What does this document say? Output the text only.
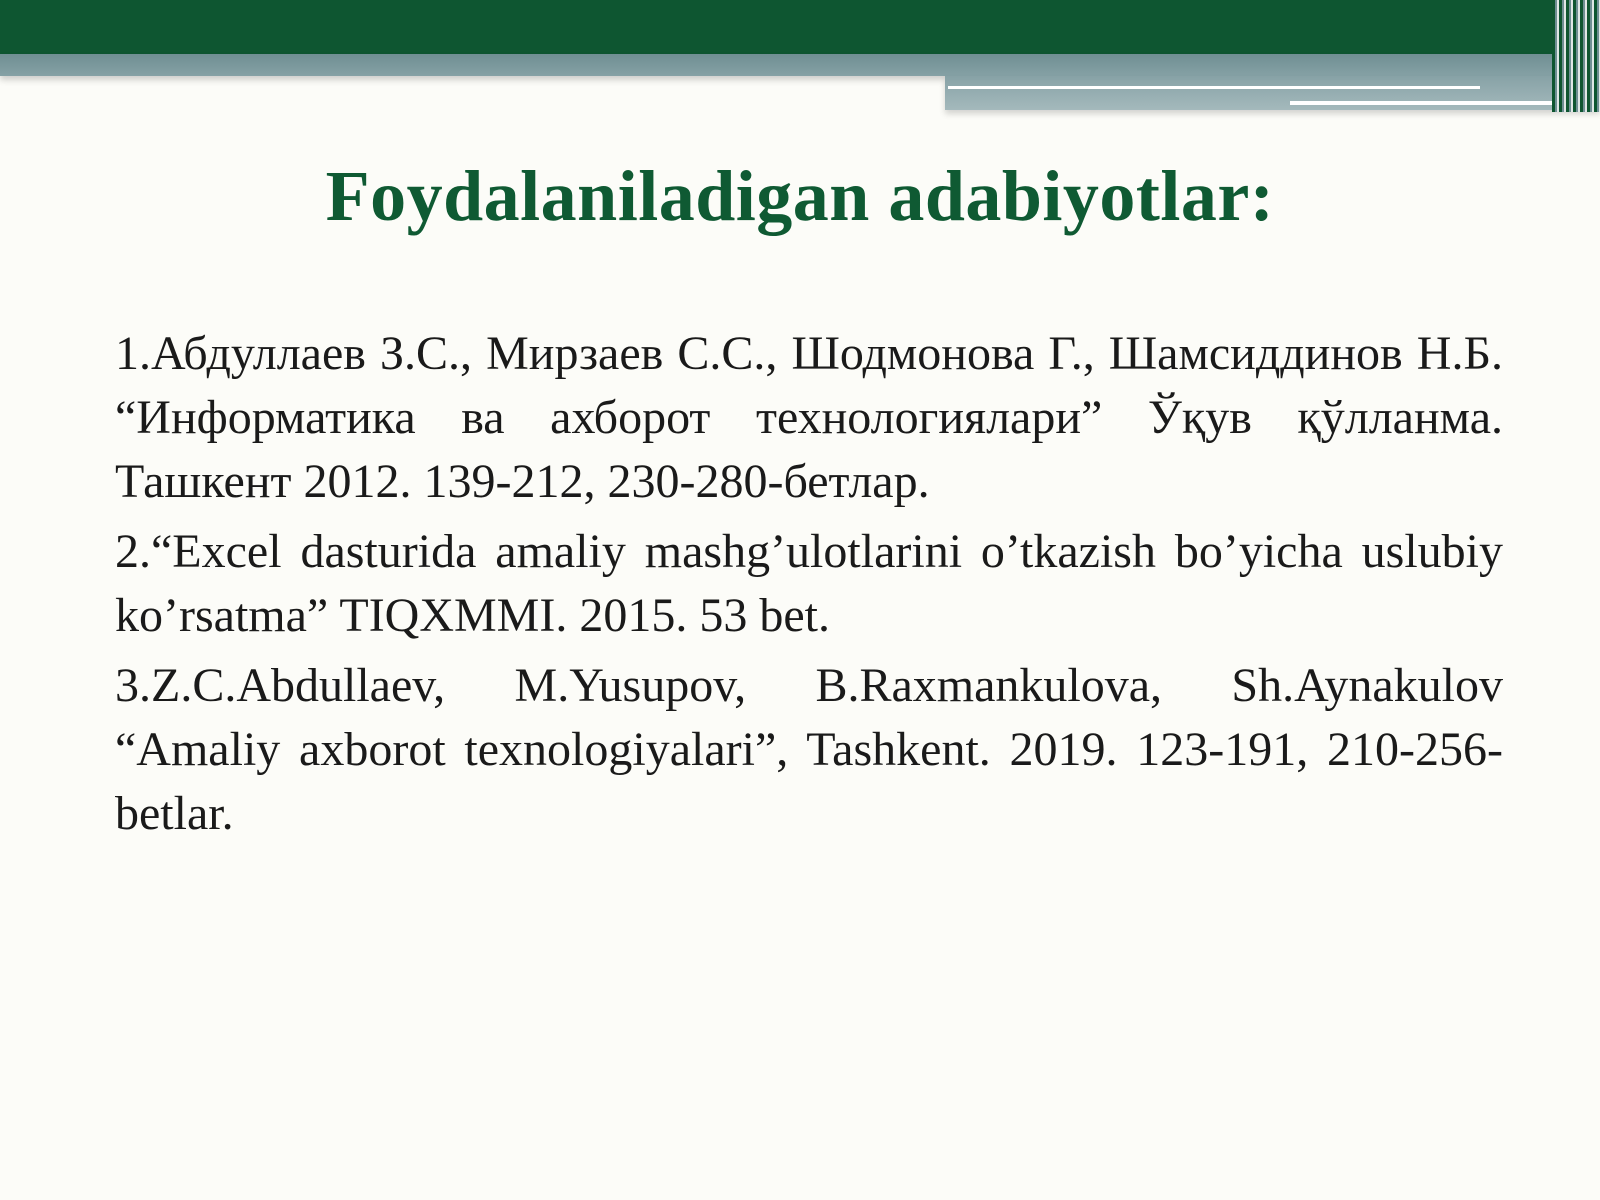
Foydalaniladigan adabiyotlar:
1.Абдуллаев З.С., Мирзаев С.С., Шодмонова Г., Шамсиддинов Н.Б. “Информатика ва ахборот технологиялари” Ўқув қўлланма. Ташкент 2012. 139-212, 230-280-бетлар.
2.“Excel dasturida amaliy mashg’ulotlarini o’tkazish bo’yicha uslubiy ko’rsatma” TIQXMMI. 2015. 53 bet.
3.Z.C.Abdullaev, M.Yusupov, B.Raxmankulova, Sh.Aynakulov “Amaliy axborot texnologiyalari”, Tashkent. 2019. 123-191, 210-256-betlar.
